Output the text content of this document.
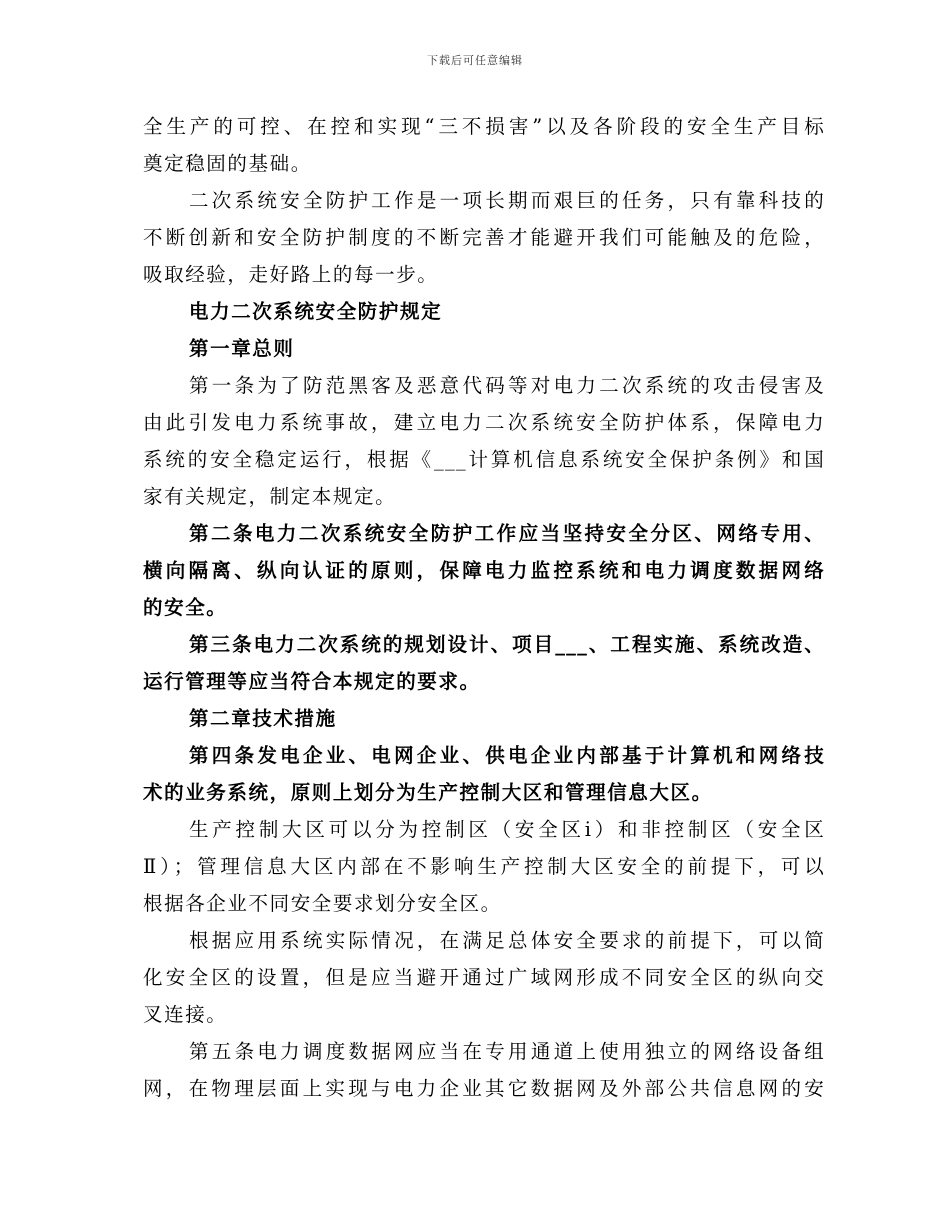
下载后可任意编辑
全生产的可控、在控和实现“三不损害”以及各阶段的安全生产目标
奠定稳固的基础。
二次系统安全防护工作是一项长期而艰巨的任务，只有靠科技的
不断创新和安全防护制度的不断完善才能避开我们可能触及的危险，
吸取经验，走好路上的每一步。
电力二次系统安全防护规定
第一章总则
第一条为了防范黑客及恶意代码等对电力二次系统的攻击侵害及
由此引发电力系统事故，建立电力二次系统安全防护体系，保障电力
系统的安全稳定运行，根据《___计算机信息系统安全保护条例》和国
家有关规定，制定本规定。
第二条电力二次系统安全防护工作应当坚持安全分区、网络专用、
横向隔离、纵向认证的原则，保障电力监控系统和电力调度数据网络
的安全。
第三条电力二次系统的规划设计、项目___、工程实施、系统改造、
运行管理等应当符合本规定的要求。
第二章技术措施
第四条发电企业、电网企业、供电企业内部基于计算机和网络技
术的业务系统，原则上划分为生产控制大区和管理信息大区。
生产控制大区可以分为控制区（安全区ⅰ）和非控制区（安全区
Ⅱ）；管理信息大区内部在不影响生产控制大区安全的前提下，可以
根据各企业不同安全要求划分安全区。
根据应用系统实际情况，在满足总体安全要求的前提下，可以简
化安全区的设置，但是应当避开通过广域网形成不同安全区的纵向交
叉连接。
第五条电力调度数据网应当在专用通道上使用独立的网络设备组
网，在物理层面上实现与电力企业其它数据网及外部公共信息网的安
